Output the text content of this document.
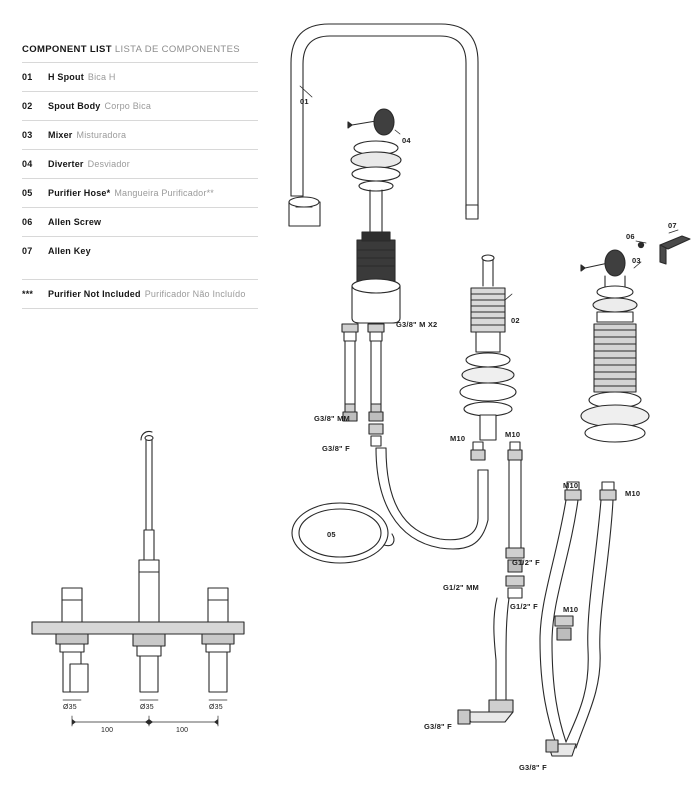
COMPONENT LIST LISTA DE COMPONENTES
01	H Spout Bica H
02	Spout Body Corpo Bica
03	Mixer Misturadora
04	Diverter Desviador
05	Purifier Hose* Mangueira Purificador**
06	Allen Screw
07	Allen Key
***	Purifier Not Included Purificador Não Incluído
01
04
02
03
06
07
05
G3/8" M X2
G3/8" MM
G3/8" F
M10	M10
G1/2" F
G1/2" MM
G1/2" F
M10
M10
M10
G3/8" F
G3/8" F
Ø35	Ø35	Ø35
100	100
